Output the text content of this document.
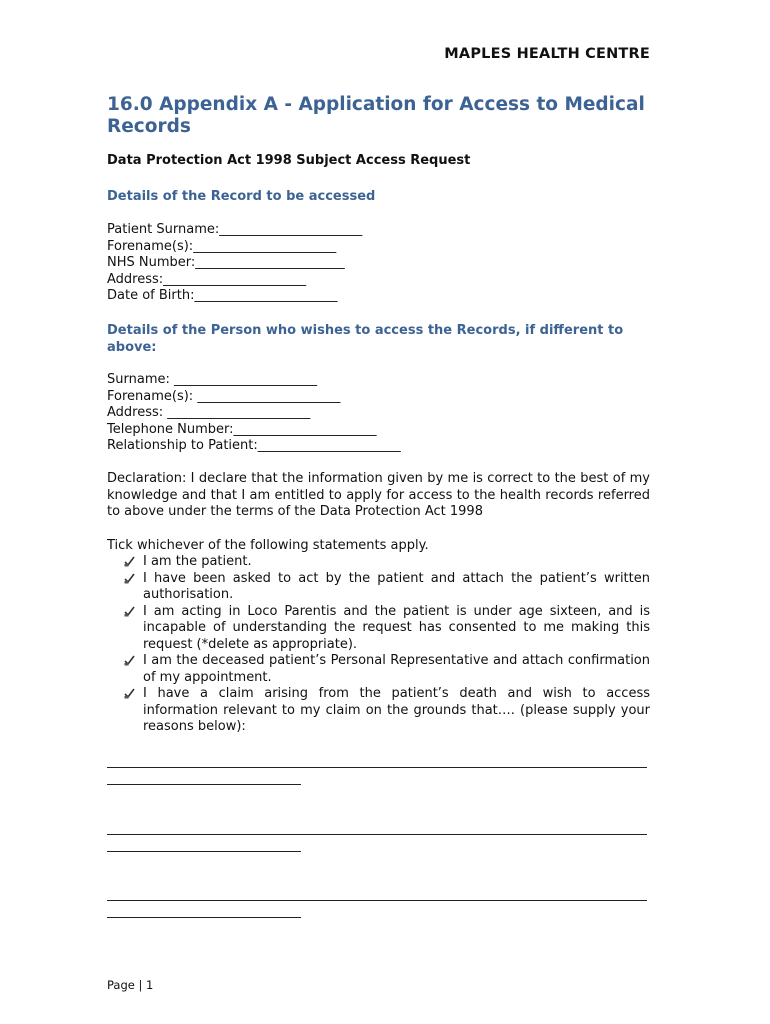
MAPLES HEALTH CENTRE
16.0 Appendix A - Application for Access to Medical Records
Data Protection Act 1998 Subject Access Request
Details of the Record to be accessed
Patient Surname:______________________
Forename(s):______________________
NHS Number:_______________________
Address:______________________
Date of Birth:______________________
Details of the Person who wishes to access the Records, if different to above:
Surname: ______________________
Forename(s): ______________________
Address: ______________________
Telephone Number:______________________
Relationship to Patient:______________________

Declaration: I declare that the information given by me is correct to the best of my knowledge and that I am entitled to apply for access to the health records referred to above under the terms of the Data Protection Act 1998

Tick whichever of the following statements apply.

I am the patient.
I have been asked to act by the patient and attach the patient’s written authorisation.
I am acting in Loco Parentis and the patient is under age sixteen, and is incapable of understanding the request has consented to me making this request (*delete as appropriate).
I am the deceased patient’s Personal Representative and attach confirmation of my appointment.
I have a claim arising from the patient’s death and wish to access information relevant to my claim on the grounds that…. (please supply your reasons below):
Page | 1
